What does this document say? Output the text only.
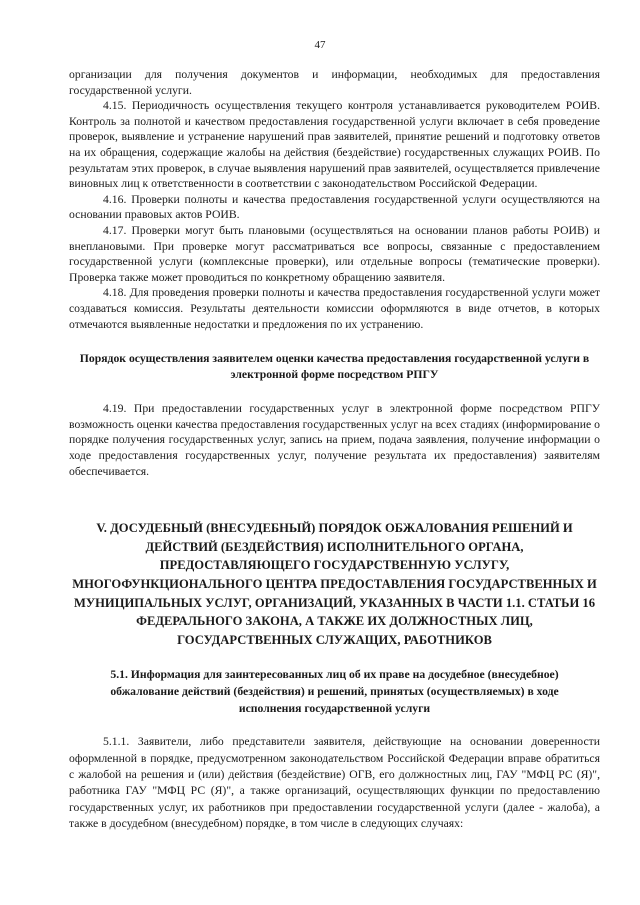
47

организации для получения документов и информации, необходимых для предоставления государственной услуги.

4.15. Периодичность осуществления текущего контроля устанавливается руководителем РОИВ. Контроль за полнотой и качеством предоставления государственной услуги включает в себя проведение проверок, выявление и устранение нарушений прав заявителей, принятие решений и подготовку ответов на их обращения, содержащие жалобы на действия (бездействие) государственных служащих РОИВ. По результатам этих проверок, в случае выявления нарушений прав заявителей, осуществляется привлечение виновных лиц к ответственности в соответствии с законодательством Российской Федерации.

4.16. Проверки полноты и качества предоставления государственной услуги осуществляются на основании правовых актов РОИВ.

4.17. Проверки могут быть плановыми (осуществляться на основании планов работы РОИВ) и внеплановыми. При проверке могут рассматриваться все вопросы, связанные с предоставлением государственной услуги (комплексные проверки), или отдельные вопросы (тематические проверки). Проверка также может проводиться по конкретному обращению заявителя.

4.18. Для проведения проверки полноты и качества предоставления государственной услуги может создаваться комиссия. Результаты деятельности комиссии оформляются в виде отчетов, в которых отмечаются выявленные недостатки и предложения по их устранению.

Порядок осуществления заявителем оценки качества предоставления государственной услуги в электронной форме посредством РПГУ

4.19. При предоставлении государственных услуг в электронной форме посредством РПГУ возможность оценки качества предоставления государственных услуг на всех стадиях (информирование о порядке получения государственных услуг, запись на прием, подача заявления, получение информации о ходе предоставления государственных услуг, получение результата их предоставления) заявителям обеспечивается.

V. ДОСУДЕБНЫЙ (ВНЕСУДЕБНЫЙ) ПОРЯДОК ОБЖАЛОВАНИЯ РЕШЕНИЙ И ДЕЙСТВИЙ (БЕЗДЕЙСТВИЯ) ИСПОЛНИТЕЛЬНОГО ОРГАНА, ПРЕДОСТАВЛЯЮЩЕГО ГОСУДАРСТВЕННУЮ УСЛУГУ, МНОГОФУНКЦИОНАЛЬНОГО ЦЕНТРА ПРЕДОСТАВЛЕНИЯ ГОСУДАРСТВЕННЫХ И МУНИЦИПАЛЬНЫХ УСЛУГ, ОРГАНИЗАЦИЙ, УКАЗАННЫХ В ЧАСТИ 1.1. СТАТЬИ 16 ФЕДЕРАЛЬНОГО ЗАКОНА, А ТАКЖЕ ИХ ДОЛЖНОСТНЫХ ЛИЦ, ГОСУДАРСТВЕННЫХ СЛУЖАЩИХ, РАБОТНИКОВ

5.1. Информация для заинтересованных лиц об их праве на досудебное (внесудебное) обжалование действий (бездействия) и решений, принятых (осуществляемых) в ходе исполнения государственной услуги

5.1.1. Заявители, либо представители заявителя, действующие на основании доверенности оформленной в порядке, предусмотренном законодательством Российской Федерации вправе обратиться с жалобой на решения и (или) действия (бездействие) ОГВ, его должностных лиц, ГАУ "МФЦ РС (Я)", работника ГАУ "МФЦ РС (Я)", а также организаций, осуществляющих функции по предоставлению государственных услуг, их работников при предоставлении государственной услуги (далее - жалоба), а также в досудебном (внесудебном) порядке, в том числе в следующих случаях:
